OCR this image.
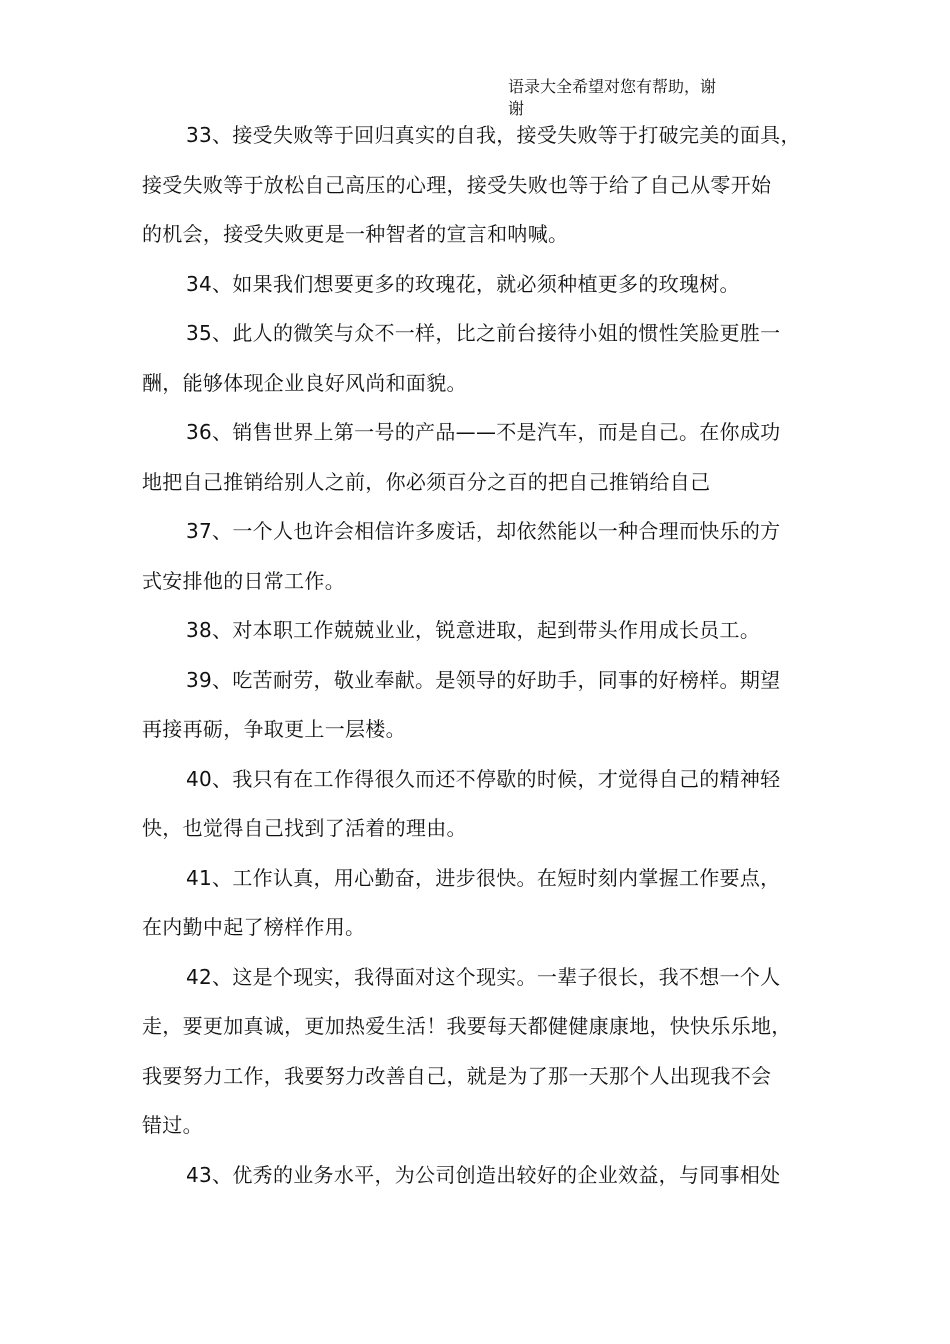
语录大全希望对您有帮助，谢
谢
33、接受失败等于回归真实的自我，接受失败等于打破完美的面具，
接受失败等于放松自己高压的心理，接受失败也等于给了自己从零开始
的机会，接受失败更是一种智者的宣言和呐喊。
34、如果我们想要更多的玫瑰花，就必须种植更多的玫瑰树。
35、此人的微笑与众不一样，比之前台接待小姐的惯性笑脸更胜一
酬，能够体现企业良好风尚和面貌。
36、销售世界上第一号的产品——不是汽车，而是自己。在你成功
地把自己推销给别人之前，你必须百分之百的把自己推销给自己
37、一个人也许会相信许多废话，却依然能以一种合理而快乐的方
式安排他的日常工作。
38、对本职工作兢兢业业，锐意进取，起到带头作用成长员工。
39、吃苦耐劳，敬业奉献。是领导的好助手，同事的好榜样。期望
再接再砺，争取更上一层楼。
40、我只有在工作得很久而还不停歇的时候，才觉得自己的精神轻
快，也觉得自己找到了活着的理由。
41、工作认真，用心勤奋，进步很快。在短时刻内掌握工作要点，
在内勤中起了榜样作用。
42、这是个现实，我得面对这个现实。一辈子很长，我不想一个人
走，要更加真诚，更加热爱生活！我要每天都健健康康地，快快乐乐地，
我要努力工作，我要努力改善自己，就是为了那一天那个人出现我不会
错过。
43、优秀的业务水平，为公司创造出较好的企业效益，与同事相处
